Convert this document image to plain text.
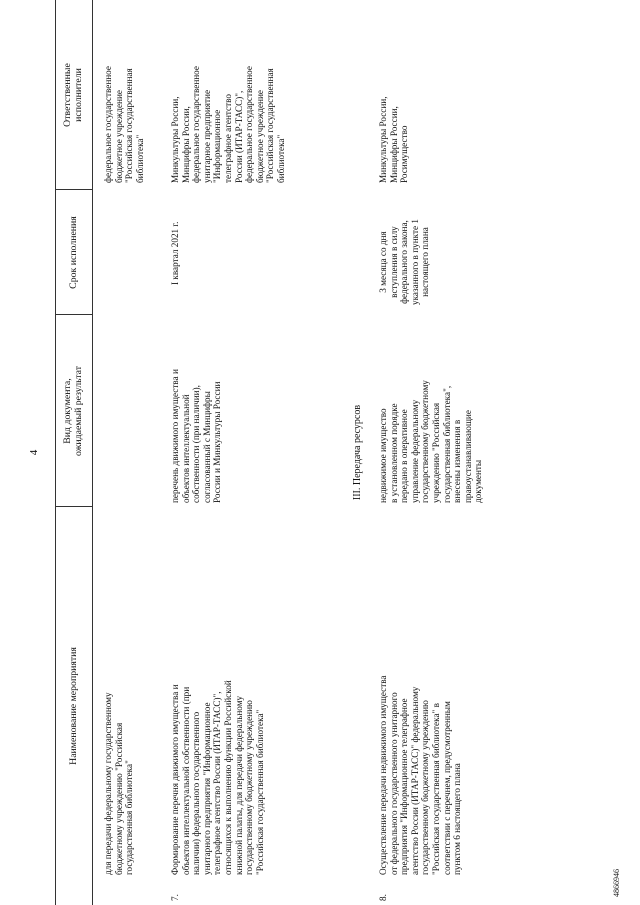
4
Наименование мероприятия
Вид документа, ожидаемый результат
Срок исполнения
Ответственные исполнители
для передачи федеральному государственному бюджетному учреждению "Российская государственная библиотека"
федеральное государственное бюджетное учреждение "Российская государственная библиотека"
7.
Формирование перечня движимого имущества и объектов интеллектуальной собственности (при наличии) федерального государственного унитарного предприятия "Информационное телеграфное агентство России (ИТАР-ТАСС)", относящихся к выполнению функции Российской книжной палаты, для передачи федеральному государственному бюджетному учреждению "Российская государственная библиотека"
перечень движимого имущества и объектов интеллектуальной собственности (при наличии), согласованный с Минцифры России и Минкультуры России
I квартал 2021 г.
Минкультуры России, Минцифры России, федеральное государственное унитарное предприятие "Информационное телеграфное агентство России (ИТАР-ТАСС)", федеральное государственное бюджетное учреждение "Российская государственная библиотека"
III. Передача ресурсов
8.
Осуществление передачи недвижимого имущества от федерального государственного унитарного предприятия "Информационное телеграфное агентство России (ИТАР-ТАСС)" федеральному государственному бюджетному учреждению "Российская государственная библиотека" в соответствии с перечнем, предусмотренным пунктом 6 настоящего плана
недвижимое имущество в установленном порядке передано в оперативное управление федеральному государственному бюджетному учреждению "Российская государственная библиотека", внесены изменения в правоустанавливающие документы
3 месяца со дня вступления в силу федерального закона, указанного в пункте 1 настоящего плана
Минкультуры России, Минцифры России, Росимущество
4866946
